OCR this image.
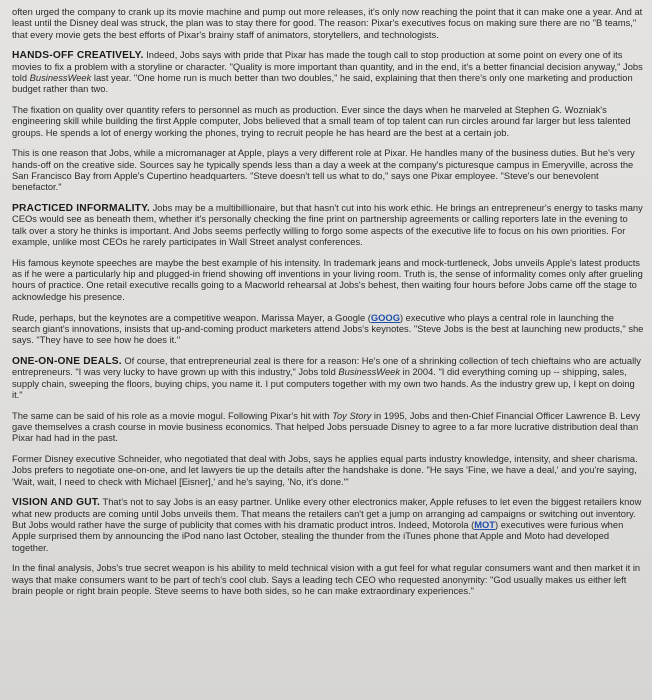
often urged the company to crank up its movie machine and pump out more releases, it's only now reaching the point that it can make one a year. And at least until the Disney deal was struck, the plan was to stay there for good. The reason: Pixar's executives focus on making sure there are no "B teams," that every movie gets the best efforts of Pixar's brainy staff of animators, storytellers, and technologists.

HANDS-OFF CREATIVELY. Indeed, Jobs says with pride that Pixar has made the tough call to stop production at some point on every one of its movies to fix a problem with a storyline or character. "Quality is more important than quantity, and in the end, it's a better financial decision anyway," Jobs told BusinessWeek last year. "One home run is much better than two doubles," he said, explaining that then there's only one marketing and production budget rather than two.

The fixation on quality over quantity refers to personnel as much as production. Ever since the days when he marveled at Stephen G. Wozniak's engineering skill while building the first Apple computer, Jobs believed that a small team of top talent can run circles around far larger but less talented groups. He spends a lot of energy working the phones, trying to recruit people he has heard are the best at a certain job.

This is one reason that Jobs, while a micromanager at Apple, plays a very different role at Pixar. He handles many of the business duties. But he's very hands-off on the creative side. Sources say he typically spends less than a day a week at the company's picturesque campus in Emeryville, across the San Francisco Bay from Apple's Cupertino headquarters. "Steve doesn't tell us what to do," says one Pixar employee. "Steve's our benevolent benefactor."

PRACTICED INFORMALITY. Jobs may be a multibillionaire, but that hasn't cut into his work ethic. He brings an entrepreneur's energy to tasks many CEOs would see as beneath them, whether it's personally checking the fine print on partnership agreements or calling reporters late in the evening to talk over a story he thinks is important. And Jobs seems perfectly willing to forgo some aspects of the executive life to focus on his own priorities. For example, unlike most CEOs he rarely participates in Wall Street analyst conferences.

His famous keynote speeches are maybe the best example of his intensity. In trademark jeans and mock-turtleneck, Jobs unveils Apple's latest products as if he were a particularly hip and plugged-in friend showing off inventions in your living room. Truth is, the sense of informality comes only after grueling hours of practice. One retail executive recalls going to a Macworld rehearsal at Jobs's behest, then waiting four hours before Jobs came off the stage to acknowledge his presence.

Rude, perhaps, but the keynotes are a competitive weapon. Marissa Mayer, a Google (GOOG) executive who plays a central role in launching the search giant's innovations, insists that up-and-coming product marketers attend Jobs's keynotes. "Steve Jobs is the best at launching new products," she says. "They have to see how he does it."

ONE-ON-ONE DEALS. Of course, that entrepreneurial zeal is there for a reason: He's one of a shrinking collection of tech chieftains who are actually entrepreneurs. "I was very lucky to have grown up with this industry," Jobs told BusinessWeek in 2004. "I did everything coming up -- shipping, sales, supply chain, sweeping the floors, buying chips, you name it. I put computers together with my own two hands. As the industry grew up, I kept on doing it."

The same can be said of his role as a movie mogul. Following Pixar's hit with Toy Story in 1995, Jobs and then-Chief Financial Officer Lawrence B. Levy gave themselves a crash course in movie business economics. That helped Jobs persuade Disney to agree to a far more lucrative distribution deal than Pixar had had in the past.

Former Disney executive Schneider, who negotiated that deal with Jobs, says he applies equal parts industry knowledge, intensity, and sheer charisma. Jobs prefers to negotiate one-on-one, and let lawyers tie up the details after the handshake is done. "He says 'Fine, we have a deal,' and you're saying, 'Wait, wait, I need to check with Michael [Eisner],' and he's saying, 'No, it's done.'"

VISION AND GUT. That's not to say Jobs is an easy partner. Unlike every other electronics maker, Apple refuses to let even the biggest retailers know what new products are coming until Jobs unveils them. That means the retailers can't get a jump on arranging ad campaigns or switching out inventory. But Jobs would rather have the surge of publicity that comes with his dramatic product intros. Indeed, Motorola (MOT) executives were furious when Apple surprised them by announcing the iPod nano last October, stealing the thunder from the iTunes phone that Apple and Moto had developed together.

In the final analysis, Jobs's true secret weapon is his ability to meld technical vision with a gut feel for what regular consumers want and then market it in ways that make consumers want to be part of tech's cool club. Says a leading tech CEO who requested anonymity: "God usually makes us either left brain people or right brain people. Steve seems to have both sides, so he can make extraordinary experiences."
